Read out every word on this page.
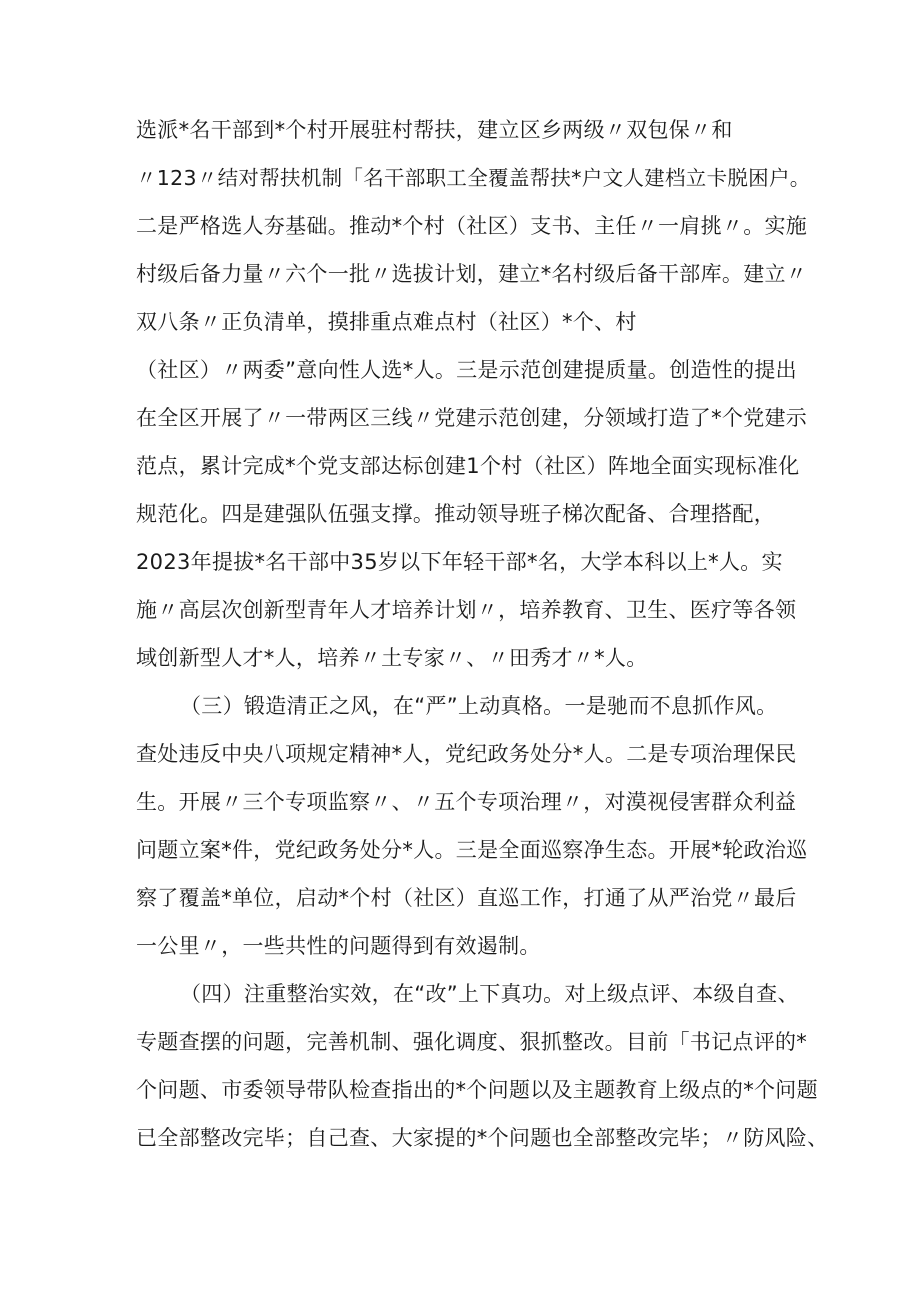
选派*名干部到*个村开展驻村帮扶，建立区乡两级〃双包保〃和
〃123〃结对帮扶机制「名干部职工全覆盖帮扶*户文人建档立卡脱困户。
二是严格选人夯基础。推动*个村（社区）支书、主任〃一肩挑〃。实施
村级后备力量〃六个一批〃选拔计划，建立*名村级后备干部库。建立〃
双八条〃正负清单，摸排重点难点村（社区）*个、村
（社区）〃两委”意向性人选*人。三是示范创建提质量。创造性的提出
在全区开展了〃一带两区三线〃党建示范创建，分领域打造了*个党建示
范点，累计完成*个党支部达标创建1个村（社区）阵地全面实现标准化
规范化。四是建强队伍强支撑。推动领导班子梯次配备、合理搭配，
2023年提拔*名干部中35岁以下年轻干部*名，大学本科以上*人。实
施〃高层次创新型青年人才培养计划〃，培养教育、卫生、医疗等各领
域创新型人才*人，培养〃土专家〃、〃田秀才〃*人。
（三）锻造清正之风，在“严”上动真格。一是驰而不息抓作风。
查处违反中央八项规定精神*人，党纪政务处分*人。二是专项治理保民
生。开展〃三个专项监察〃、〃五个专项治理〃，对漠视侵害群众利益
问题立案*件，党纪政务处分*人。三是全面巡察净生态。开展*轮政治巡
察了覆盖*单位，启动*个村（社区）直巡工作，打通了从严治党〃最后
一公里〃，一些共性的问题得到有效遏制。
（四）注重整治实效，在“改”上下真功。对上级点评、本级自查、
专题查摆的问题，完善机制、强化调度、狠抓整改。目前「书记点评的*
个问题、市委领导带队检查指出的*个问题以及主题教育上级点的*个问题
已全部整改完毕；自己查、大家提的*个问题也全部整改完毕；〃防风险、
